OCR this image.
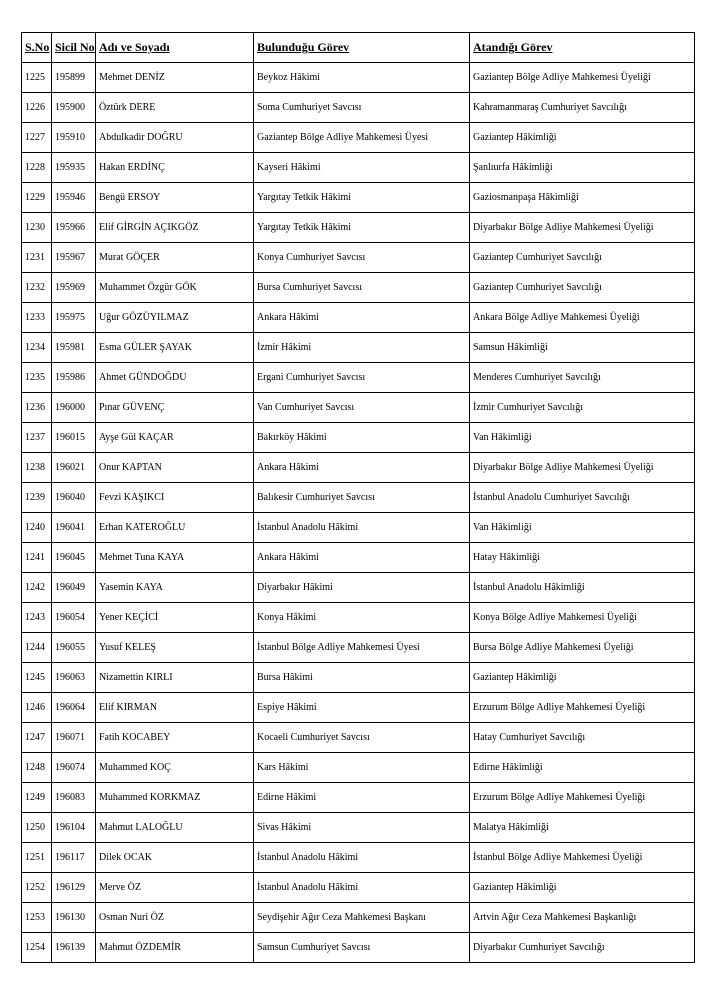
S.No	Sicil No	Adı ve Soyadı	Bulunduğu Görev	Atandığı Görev
1225	195899	Mehmet DENİZ	Beykoz Hâkimi	Gaziantep Bölge Adliye Mahkemesi Üyeliği
1226	195900	Öztürk DERE	Soma Cumhuriyet Savcısı	Kahramanmaraş Cumhuriyet Savcılığı
1227	195910	Abdulkadir DOĞRU	Gaziantep Bölge Adliye Mahkemesi Üyesi	Gaziantep Hâkimliği
1228	195935	Hakan ERDİNÇ	Kayseri Hâkimi	Şanlıurfa Hâkimliği
1229	195946	Bengü ERSOY	Yargıtay Tetkik Hâkimi	Gaziosmanpaşa Hâkimliği
1230	195966	Elif GİRGİN AÇIKGÖZ	Yargıtay Tetkik Hâkimi	Diyarbakır Bölge Adliye Mahkemesi Üyeliği
1231	195967	Murat GÖÇER	Konya Cumhuriyet Savcısı	Gaziantep Cumhuriyet Savcılığı
1232	195969	Muhammet Özgür GÖK	Bursa Cumhuriyet Savcısı	Gaziantep Cumhuriyet Savcılığı
1233	195975	Uğur GÖZÜYILMAZ	Ankara Hâkimi	Ankara Bölge Adliye Mahkemesi Üyeliği
1234	195981	Esma GÜLER ŞAYAK	İzmir Hâkimi	Samsun Hâkimliği
1235	195986	Ahmet GÜNDOĞDU	Ergani Cumhuriyet Savcısı	Menderes Cumhuriyet Savcılığı
1236	196000	Pınar GÜVENÇ	Van Cumhuriyet Savcısı	İzmir Cumhuriyet Savcılığı
1237	196015	Ayşe Gül KAÇAR	Bakırköy Hâkimi	Van Hâkimliği
1238	196021	Onur KAPTAN	Ankara Hâkimi	Diyarbakır Bölge Adliye Mahkemesi Üyeliği
1239	196040	Fevzi KAŞIKCI	Balıkesir Cumhuriyet Savcısı	İstanbul Anadolu Cumhuriyet Savcılığı
1240	196041	Erhan KATEROĞLU	İstanbul Anadolu Hâkimi	Van Hâkimliği
1241	196045	Mehmet Tuna KAYA	Ankara Hâkimi	Hatay Hâkimliği
1242	196049	Yasemin KAYA	Diyarbakır Hâkimi	İstanbul Anadolu Hâkimliği
1243	196054	Yener KEÇİCİ	Konya Hâkimi	Konya Bölge Adliye Mahkemesi Üyeliği
1244	196055	Yusuf KELEŞ	İstanbul Bölge Adliye Mahkemesi Üyesi	Bursa Bölge Adliye Mahkemesi Üyeliği
1245	196063	Nizamettin KIRLI	Bursa Hâkimi	Gaziantep Hâkimliği
1246	196064	Elif KIRMAN	Espiye Hâkimi	Erzurum Bölge Adliye Mahkemesi Üyeliği
1247	196071	Fatih KOCABEY	Kocaeli Cumhuriyet Savcısı	Hatay Cumhuriyet Savcılığı
1248	196074	Muhammed KOÇ	Kars Hâkimi	Edirne Hâkimliği
1249	196083	Muhammed KORKMAZ	Edirne Hâkimi	Erzurum Bölge Adliye Mahkemesi Üyeliği
1250	196104	Mahmut LALOĞLU	Sivas Hâkimi	Malatya Hâkimliği
1251	196117	Dilek OCAK	İstanbul Anadolu Hâkimi	İstanbul Bölge Adliye Mahkemesi Üyeliği
1252	196129	Merve ÖZ	İstanbul Anadolu Hâkimi	Gaziantep Hâkimliği
1253	196130	Osman Nuri ÖZ	Seydişehir Ağır Ceza Mahkemesi Başkanı	Artvin Ağır Ceza Mahkemesi Başkanlığı
1254	196139	Mahmut ÖZDEMİR	Samsun Cumhuriyet Savcısı	Diyarbakır Cumhuriyet Savcılığı
